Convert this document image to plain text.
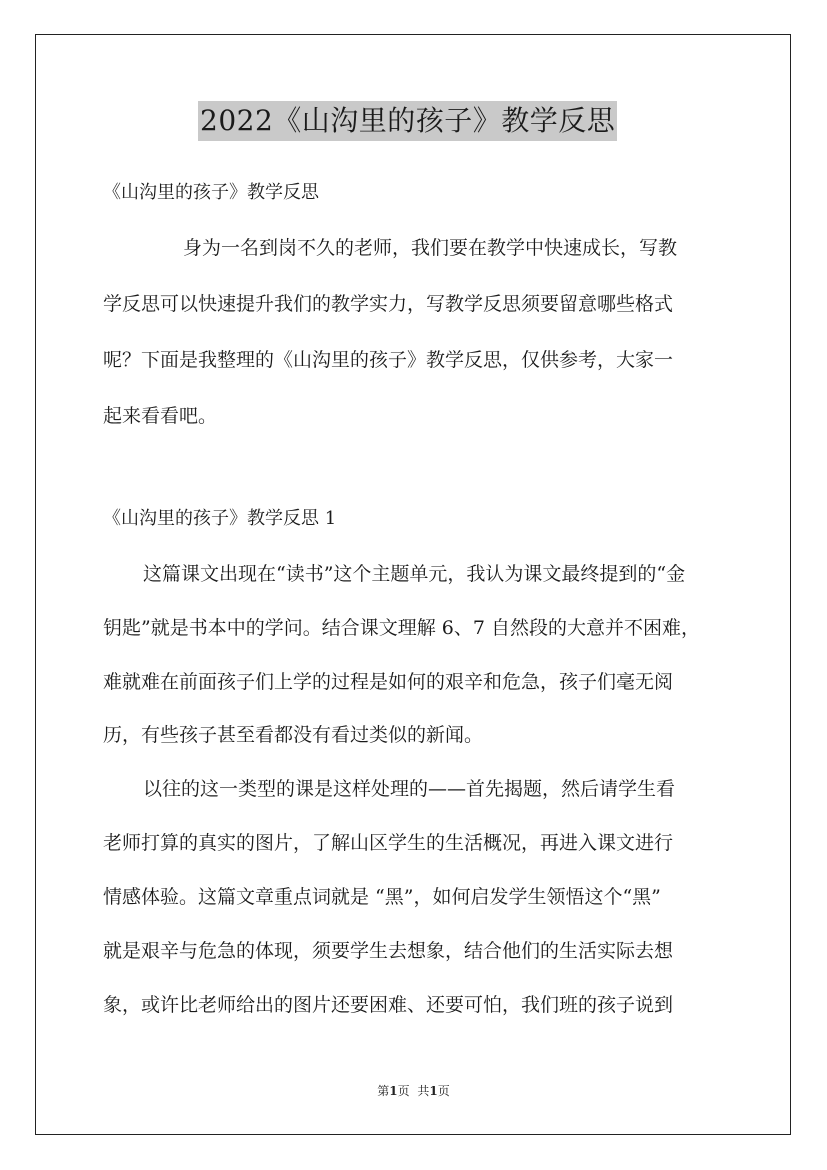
2022《山沟里的孩子》教学反思
《山沟里的孩子》教学反思
身为一名到岗不久的老师，我们要在教学中快速成长，写教
学反思可以快速提升我们的教学实力，写教学反思须要留意哪些格式
呢？下面是我整理的《山沟里的孩子》教学反思，仅供参考，大家一
起来看看吧。
《山沟里的孩子》教学反思 1
这篇课文出现在“读书”这个主题单元，我认为课文最终提到的“金
钥匙”就是书本中的学问。结合课文理解 6、7 自然段的大意并不困难，
难就难在前面孩子们上学的过程是如何的艰辛和危急，孩子们毫无阅
历，有些孩子甚至看都没有看过类似的新闻。
以往的这一类型的课是这样处理的——首先揭题，然后请学生看
老师打算的真实的图片，了解山区学生的生活概况，再进入课文进行
情感体验。这篇文章重点词就是 “黑”，如何启发学生领悟这个“黑”
就是艰辛与危急的体现，须要学生去想象，结合他们的生活实际去想
象，或许比老师给出的图片还要困难、还要可怕，我们班的孩子说到
第1页 共1页
